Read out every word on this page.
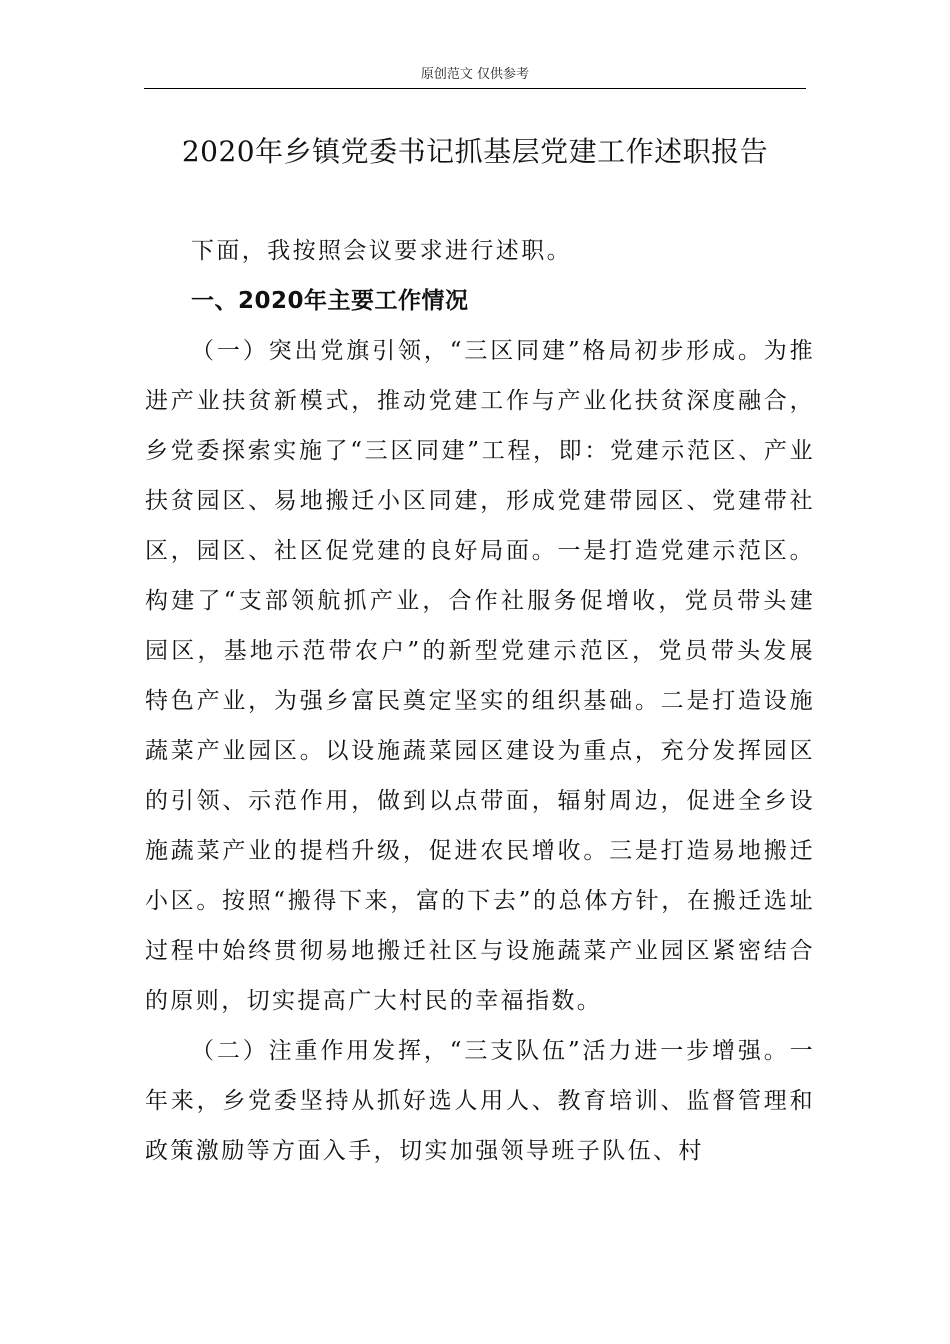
原创范文 仅供参考
2020年乡镇党委书记抓基层党建工作述职报告

下面，我按照会议要求进行述职。

一、2020年主要工作情况

（一）突出党旗引领，“三区同建”格局初步形成。为推进产业扶贫新模式，推动党建工作与产业化扶贫深度融合，乡党委探索实施了“三区同建”工程，即：党建示范区、产业扶贫园区、易地搬迁小区同建，形成党建带园区、党建带社区，园区、社区促党建的良好局面。一是打造党建示范区。构建了“支部领航抓产业，合作社服务促增收，党员带头建园区，基地示范带农户”的新型党建示范区，党员带头发展特色产业，为强乡富民奠定坚实的组织基础。二是打造设施蔬菜产业园区。以设施蔬菜园区建设为重点，充分发挥园区的引领、示范作用，做到以点带面，辐射周边，促进全乡设施蔬菜产业的提档升级，促进农民增收。三是打造易地搬迁小区。按照“搬得下来，富的下去”的总体方针，在搬迁选址过程中始终贯彻易地搬迁社区与设施蔬菜产业园区紧密结合的原则，切实提高广大村民的幸福指数。

（二）注重作用发挥，“三支队伍”活力进一步增强。一年来，乡党委坚持从抓好选人用人、教育培训、监督管理和政策激励等方面入手，切实加强领导班子队伍、村
